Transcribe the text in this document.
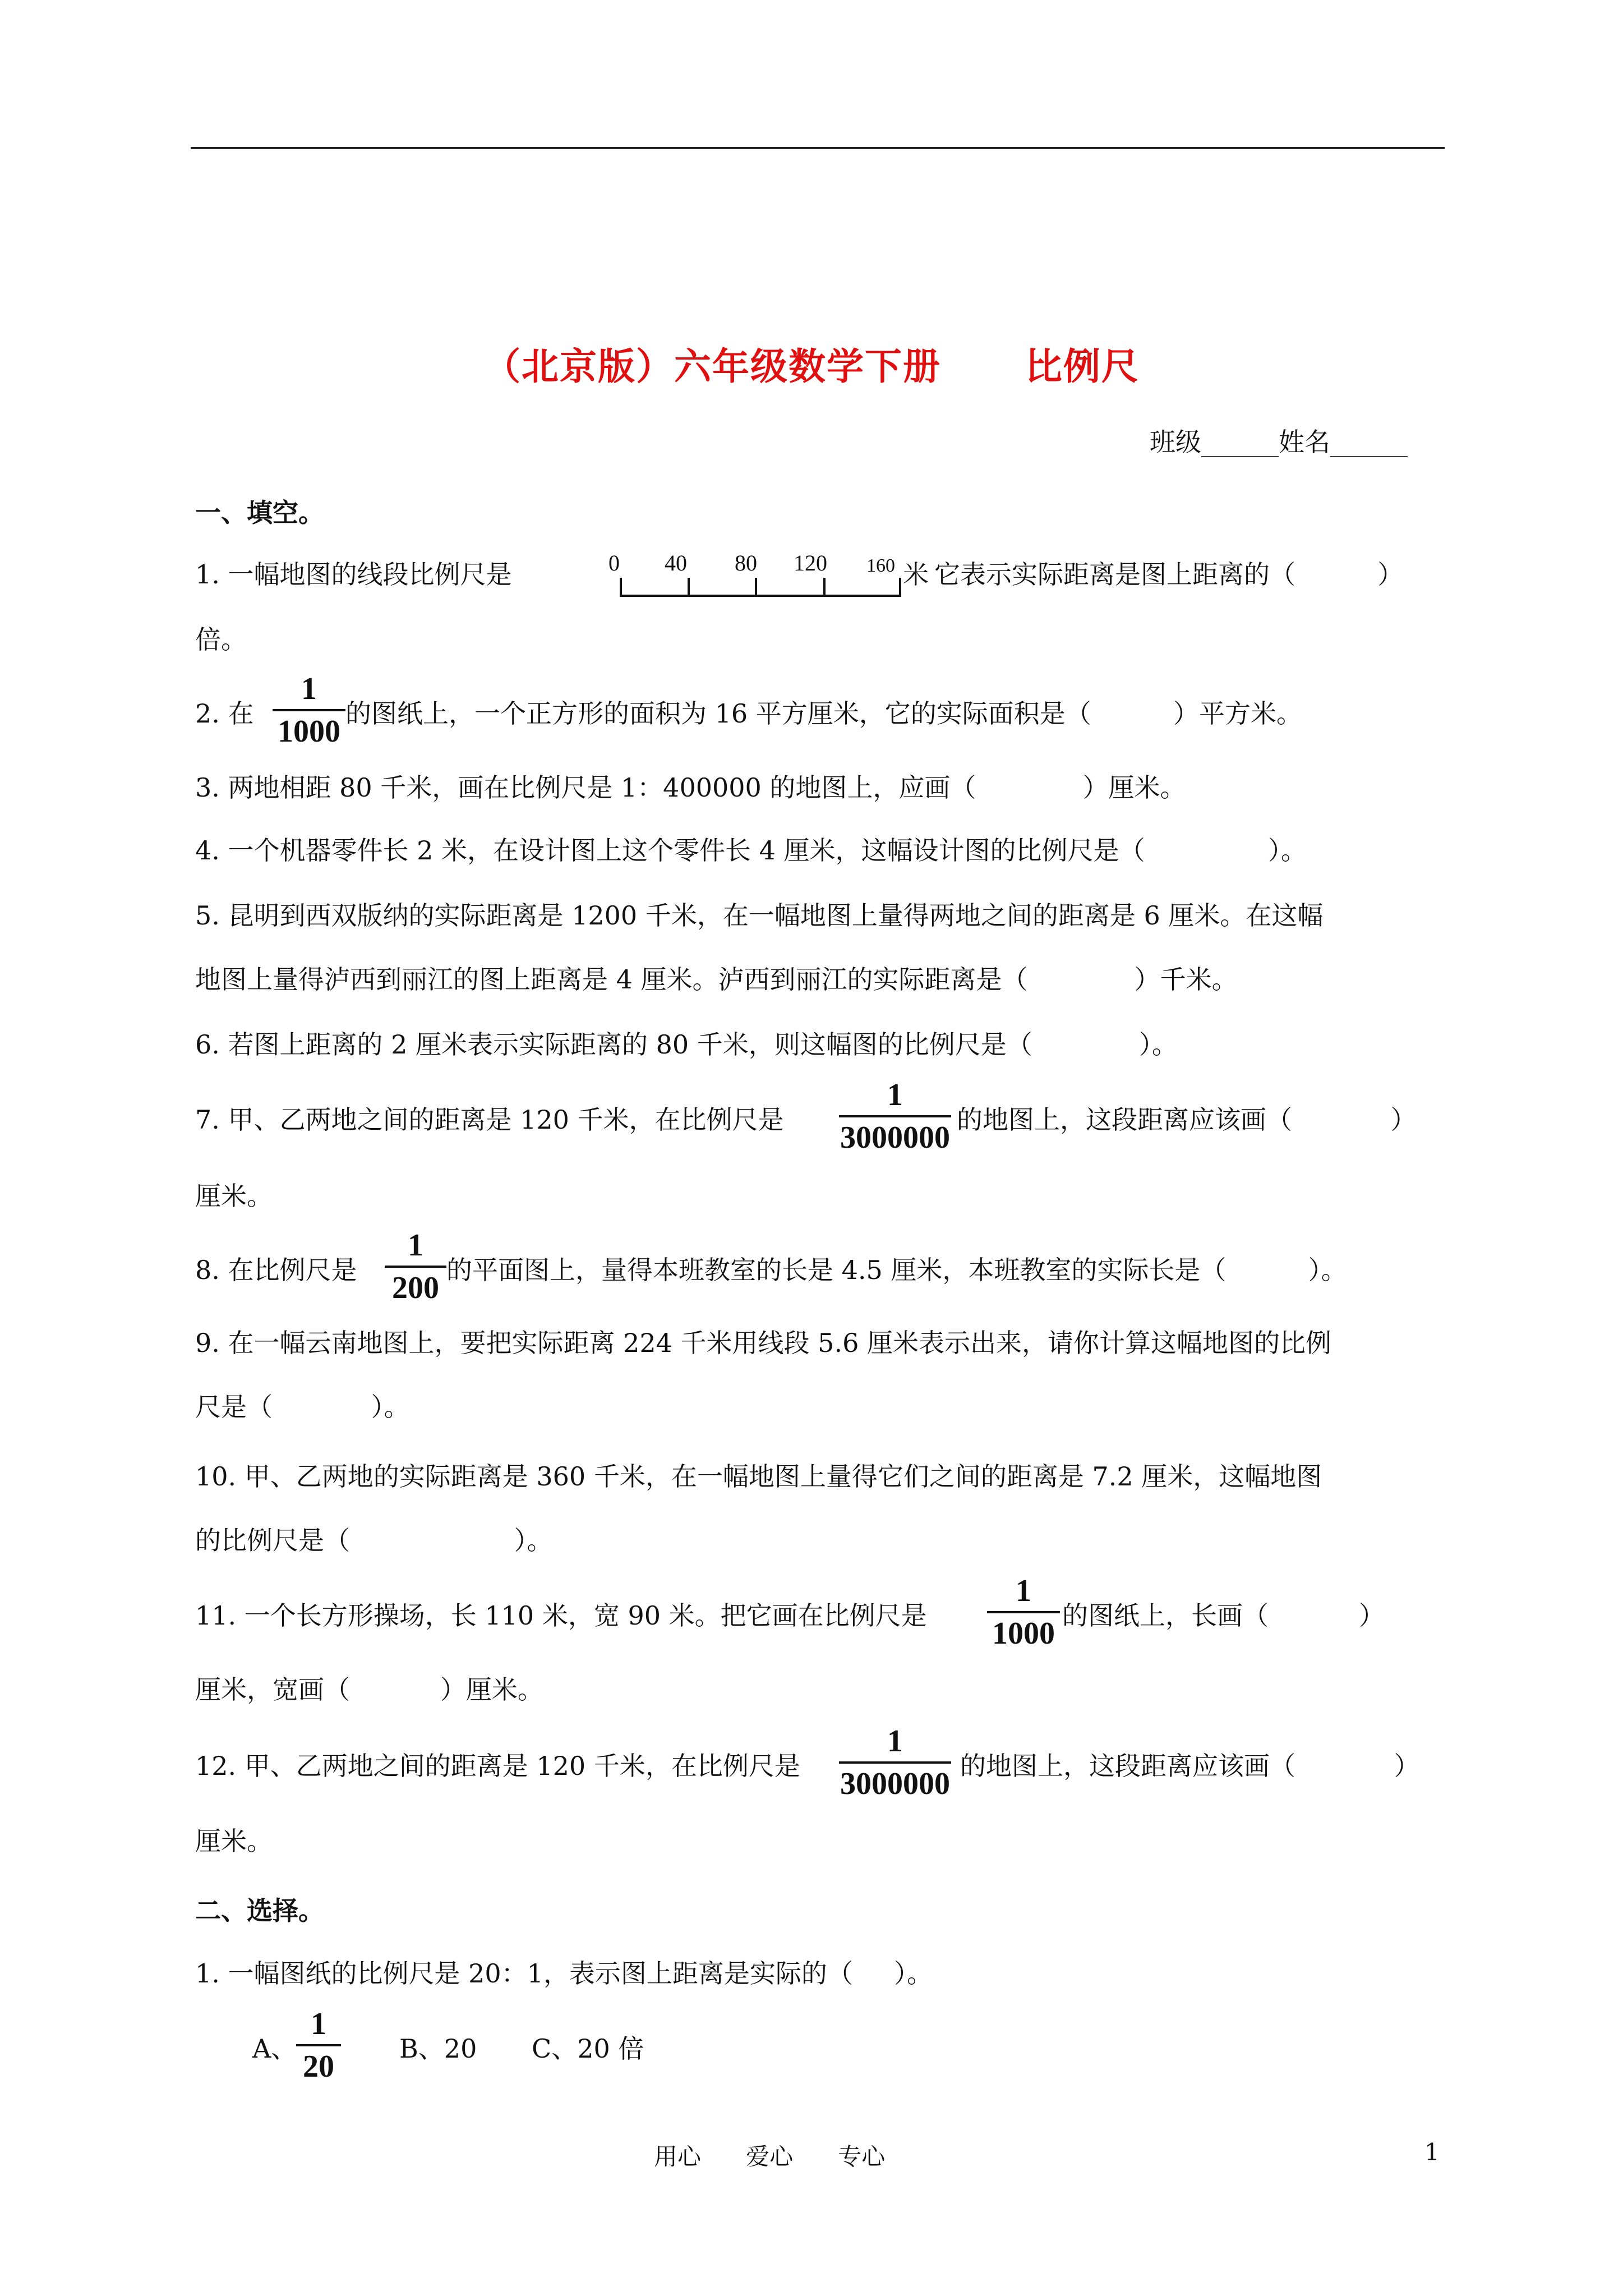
（北京版）六年级数学下册      比例尺
班级______姓名______
一、填空。
1. 一幅地图的线段比例尺是	0 40 80 120 160 米 它表示实际距离是图上距离的（          ）
倍。
2. 在
1
1000
的图纸上，一个正方形的面积为 16 平方厘米，它的实际面积是（          ）平方米。
3. 两地相距 80 千米，画在比例尺是 1：400000 的地图上，应画（             ）厘米。
4. 一个机器零件长 2 米，在设计图上这个零件长 4 厘米，这幅设计图的比例尺是（               ）。
5. 昆明到西双版纳的实际距离是 1200 千米，在一幅地图上量得两地之间的距离是 6 厘米。在这幅
地图上量得泸西到丽江的图上距离是 4 厘米。泸西到丽江的实际距离是（             ）千米。
6. 若图上距离的 2 厘米表示实际距离的 80 千米，则这幅图的比例尺是（             ）。
7. 甲、乙两地之间的距离是 120 千米，在比例尺是
1
3000000
的地图上，这段距离应该画（            ）
厘米。
8. 在比例尺是
1
200
的平面图上，量得本班教室的长是 4.5 厘米，本班教室的实际长是（          ）。
9. 在一幅云南地图上，要把实际距离 224 千米用线段 5.6 厘米表示出来，请你计算这幅地图的比例
尺是（            ）。
10. 甲、乙两地的实际距离是 360 千米，在一幅地图上量得它们之间的距离是 7.2 厘米，这幅地图
的比例尺是（                    ）。
11. 一个长方形操场，长 110 米，宽 90 米。把它画在比例尺是
1
1000
的图纸上，长画（           ）
厘米，宽画（           ）厘米。
12. 甲、乙两地之间的距离是 120 千米，在比例尺是
1
3000000
的地图上，这段距离应该画（            ）
厘米。
二、选择。
1. 一幅图纸的比例尺是 20：1，表示图上距离是实际的（     ）。
A、
1
20
B、20 C、20 倍
用心      爱心      专心	1
